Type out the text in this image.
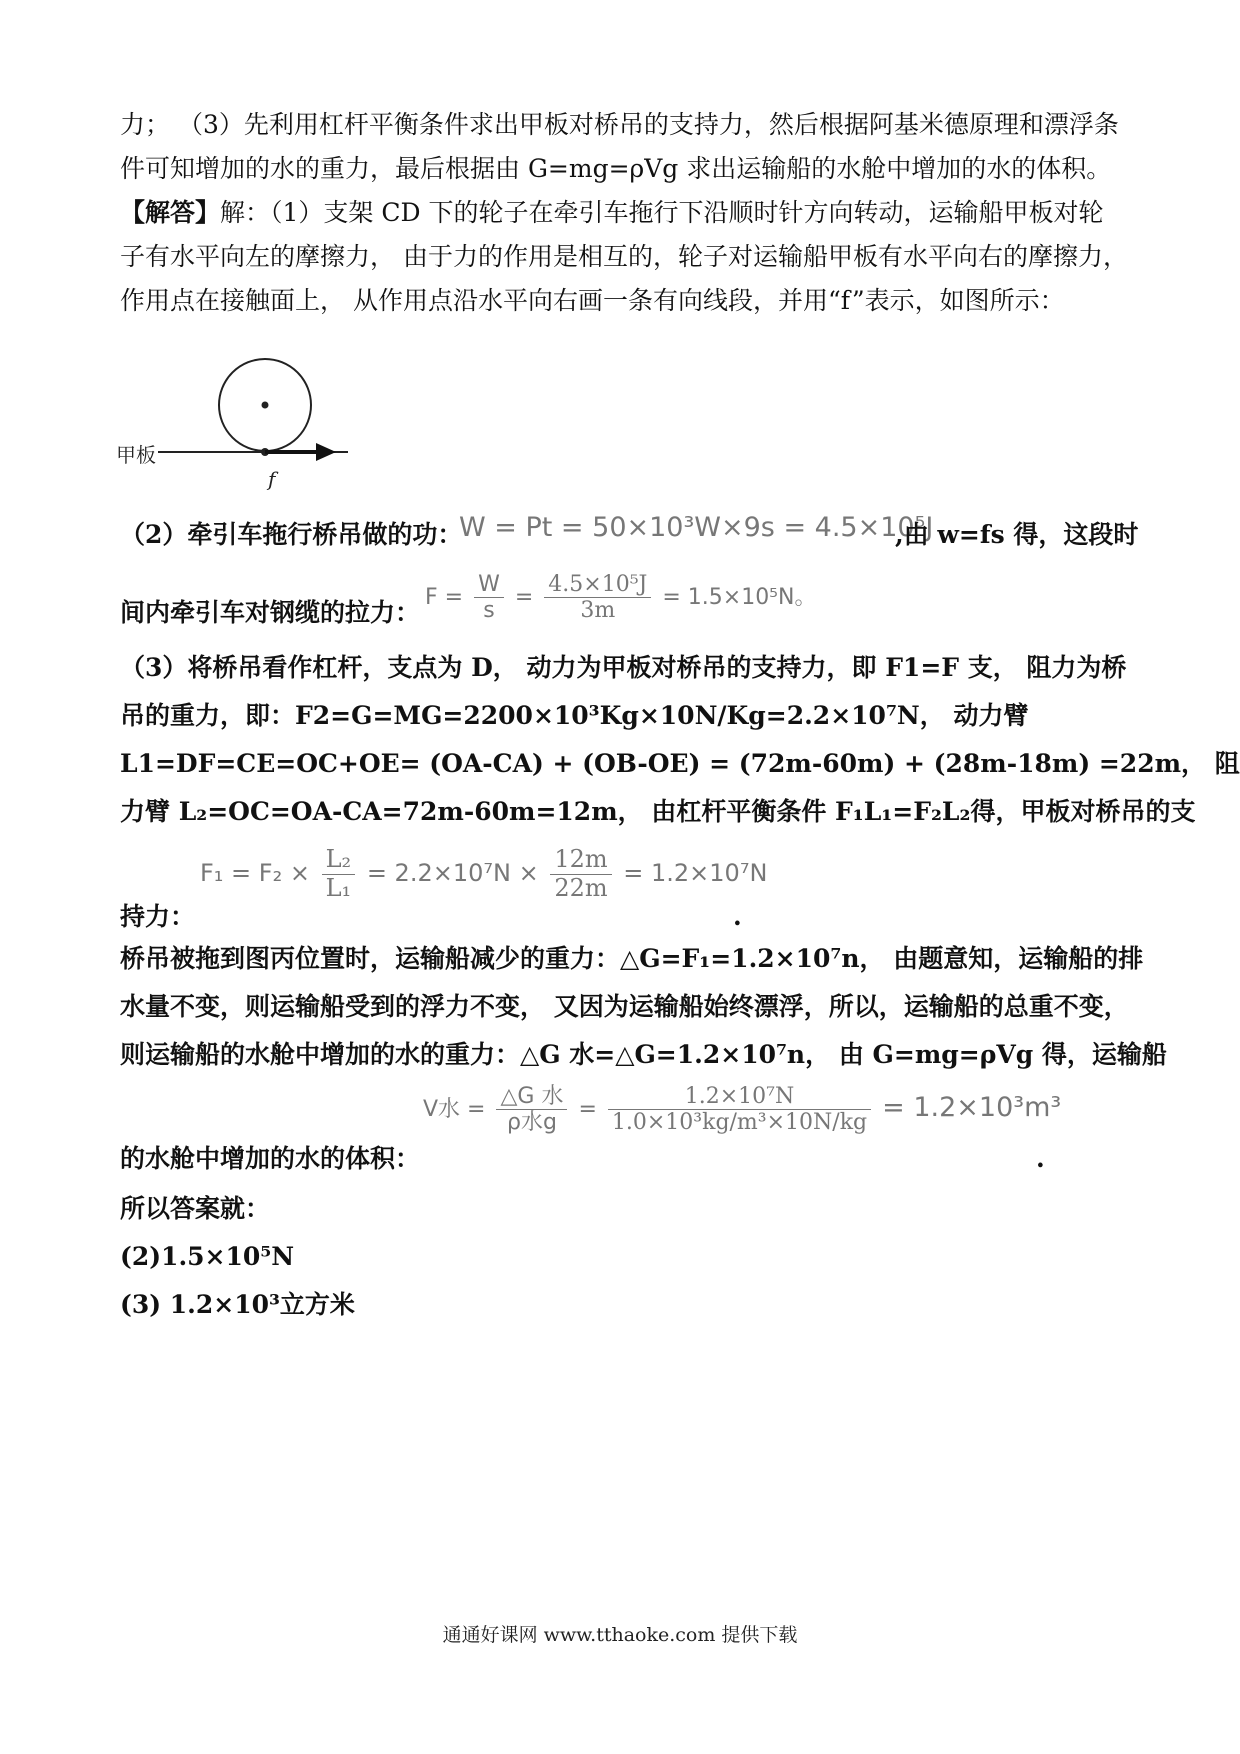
力； （3）先利用杠杆平衡条件求出甲板对桥吊的支持力，然后根据阿基米德原理和漂浮条
件可知增加的水的重力，最后根据由 G=mg=ρVg 求出运输船的水舱中增加的水的体积。
【解答】解：（1）支架 CD 下的轮子在牵引车拖行下沿顺时针方向转动，运输船甲板对轮
子有水平向左的摩擦力， 由于力的作用是相互的，轮子对运输船甲板有水平向右的摩擦力，
作用点在接触面上， 从作用点沿水平向右画一条有向线段，并用“f”表示，如图所示：
甲板
f
（2）牵引车拖行桥吊做的功：
W = Pt = 50×10³W×9s = 4.5×10⁵J
,由 w=fs 得，这段时
间内牵引车对钢缆的拉力：
$F = \frac{W}{s} = \frac{\text{4.5×10⁵J}}{3m} = 1.5\times 10^5N$。
（3）将桥吊看作杠杆，支点为 D， 动力为甲板对桥吊的支持力，即 F1=F 支， 阻力为桥
吊的重力，即：F2=G=MG=2200×10³Kg×10N/Kg=2.2×10⁷N， 动力臂
L1=DF=CE=OC+OE= (OA-CA) + (OB-OE) = (72m-60m) + (28m-18m) =22m， 阻
力臂 L₂=OC=OA-CA=72m-60m=12m， 由杠杆平衡条件 F₁L₁=F₂L₂得，甲板对桥吊的支
持力：
$F_1 = F_2 \times \frac{\text{L₂}}{\text{L₁}} = 2.2\times 10^7N \times \frac{12m}{22m} = 1.2\times 10^7N$
.
桥吊被拖到图丙位置时，运输船减少的重力：△G=F₁=1.2×10⁷n， 由题意知，运输船的排
水量不变，则运输船受到的浮力不变， 又因为运输船始终漂浮，所以，运输船的总重不变，
则运输船的水舱中增加的水的重力：△G 水=△G=1.2×10⁷n， 由 G=mg=ρVg 得，运输船
的水舱中增加的水的体积：
V水 = $\frac{\text{△G 水}}{\text{ρ水g}} = \frac{\text{1.2×10⁷N}}{\text{1.0×10³kg/m³×10N/kg}} = 1.2\times 10^3m^3$
.
所以答案就：
(2)1.5×10⁵N
(3) 1.2×10³立方米
通通好课网 www.tthaoke.com 提供下载
